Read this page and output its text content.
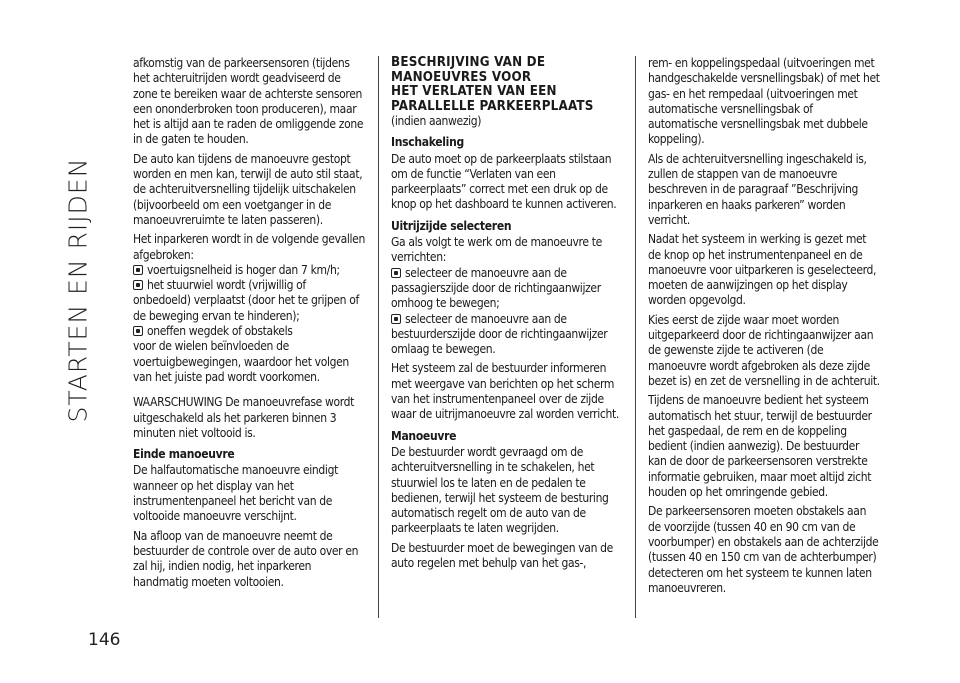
STARTEN EN RIJDEN
146

afkomstig van de parkeersensoren (tijdens het achteruitrijden wordt geadviseerd de zone te bereiken waar de achterste sensoren een ononderbroken toon produceren), maar het is altijd aan te raden de omliggende zone in de gaten te houden.

De auto kan tijdens de manoeuvre gestopt worden en men kan, terwijl de auto stil staat, de achteruitversnelling tijdelijk uitschakelen (bijvoorbeeld om een voetganger in de manoeuvreruimte te laten passeren).

Het inparkeren wordt in de volgende gevallen afgebroken:

voertuigsnelheid is hoger dan 7 km/h;
het stuurwiel wordt (vrijwillig of onbedoeld) verplaatst (door het te grijpen of de beweging ervan te hinderen);
oneffen wegdek of obstakels

voor de wielen beïnvloeden de voertuigbewegingen, waardoor het volgen van het juiste pad wordt voorkomen.

WAARSCHUWING De manoeuvrefase wordt uitgeschakeld als het parkeren binnen 3 minuten niet voltooid is.

Einde manoeuvre

De halfautomatische manoeuvre eindigt wanneer op het display van het instrumentenpaneel het bericht van de voltooide manoeuvre verschijnt.

Na afloop van de manoeuvre neemt de bestuurder de controle over de auto over en zal hij, indien nodig, het inparkeren handmatig moeten voltooien.

BESCHRIJVING VAN DE
MANOEUVRES VOOR
HET VERLATEN VAN EEN
PARALLELLE PARKEERPLAATS

(indien aanwezig)

Inschakeling

De auto moet op de parkeerplaats stilstaan om de functie “Verlaten van een parkeerplaats” correct met een druk op de knop op het dashboard te kunnen activeren.

Uitrijzijde selecteren

Ga als volgt te werk om de manoeuvre te verrichten:

selecteer de manoeuvre aan de passagierszijde door de richtingaanwijzer omhoog te bewegen;
selecteer de manoeuvre aan de bestuurderszijde door de richtingaanwijzer omlaag te bewegen.

Het systeem zal de bestuurder informeren met weergave van berichten op het scherm van het instrumentenpaneel over de zijde waar de uitrijmanoeuvre zal worden verricht.

Manoeuvre

De bestuurder wordt gevraagd om de achteruitversnelling in te schakelen, het stuurwiel los te laten en de pedalen te bedienen, terwijl het systeem de besturing automatisch regelt om de auto van de parkeerplaats te laten wegrijden.

De bestuurder moet de bewegingen van de auto regelen met behulp van het gas-,

rem- en koppelingspedaal (uitvoeringen met handgeschakelde versnellingsbak) of met het gas- en het rempedaal (uitvoeringen met automatische versnellingsbak of automatische versnellingsbak met dubbele koppeling).

Als de achteruitversnelling ingeschakeld is, zullen de stappen van de manoeuvre beschreven in de paragraaf ”Beschrijving inparkeren en haaks parkeren” worden verricht.

Nadat het systeem in werking is gezet met de knop op het instrumentenpaneel en de manoeuvre voor uitparkeren is geselecteerd, moeten de aanwijzingen op het display worden opgevolgd.

Kies eerst de zijde waar moet worden uitgeparkeerd door de richtingaanwijzer aan de gewenste zijde te activeren (de manoeuvre wordt afgebroken als deze zijde bezet is) en zet de versnelling in de achteruit.

Tijdens de manoeuvre bedient het systeem automatisch het stuur, terwijl de bestuurder het gaspedaal, de rem en de koppeling bedient (indien aanwezig). De bestuurder kan de door de parkeersensoren verstrekte informatie gebruiken, maar moet altijd zicht houden op het omringende gebied.

De parkeersensoren moeten obstakels aan de voorzijde (tussen 40 en 90 cm van de voorbumper) en obstakels aan de achterzijde (tussen 40 en 150 cm van de achterbumper) detecteren om het systeem te kunnen laten manoeuvreren.
